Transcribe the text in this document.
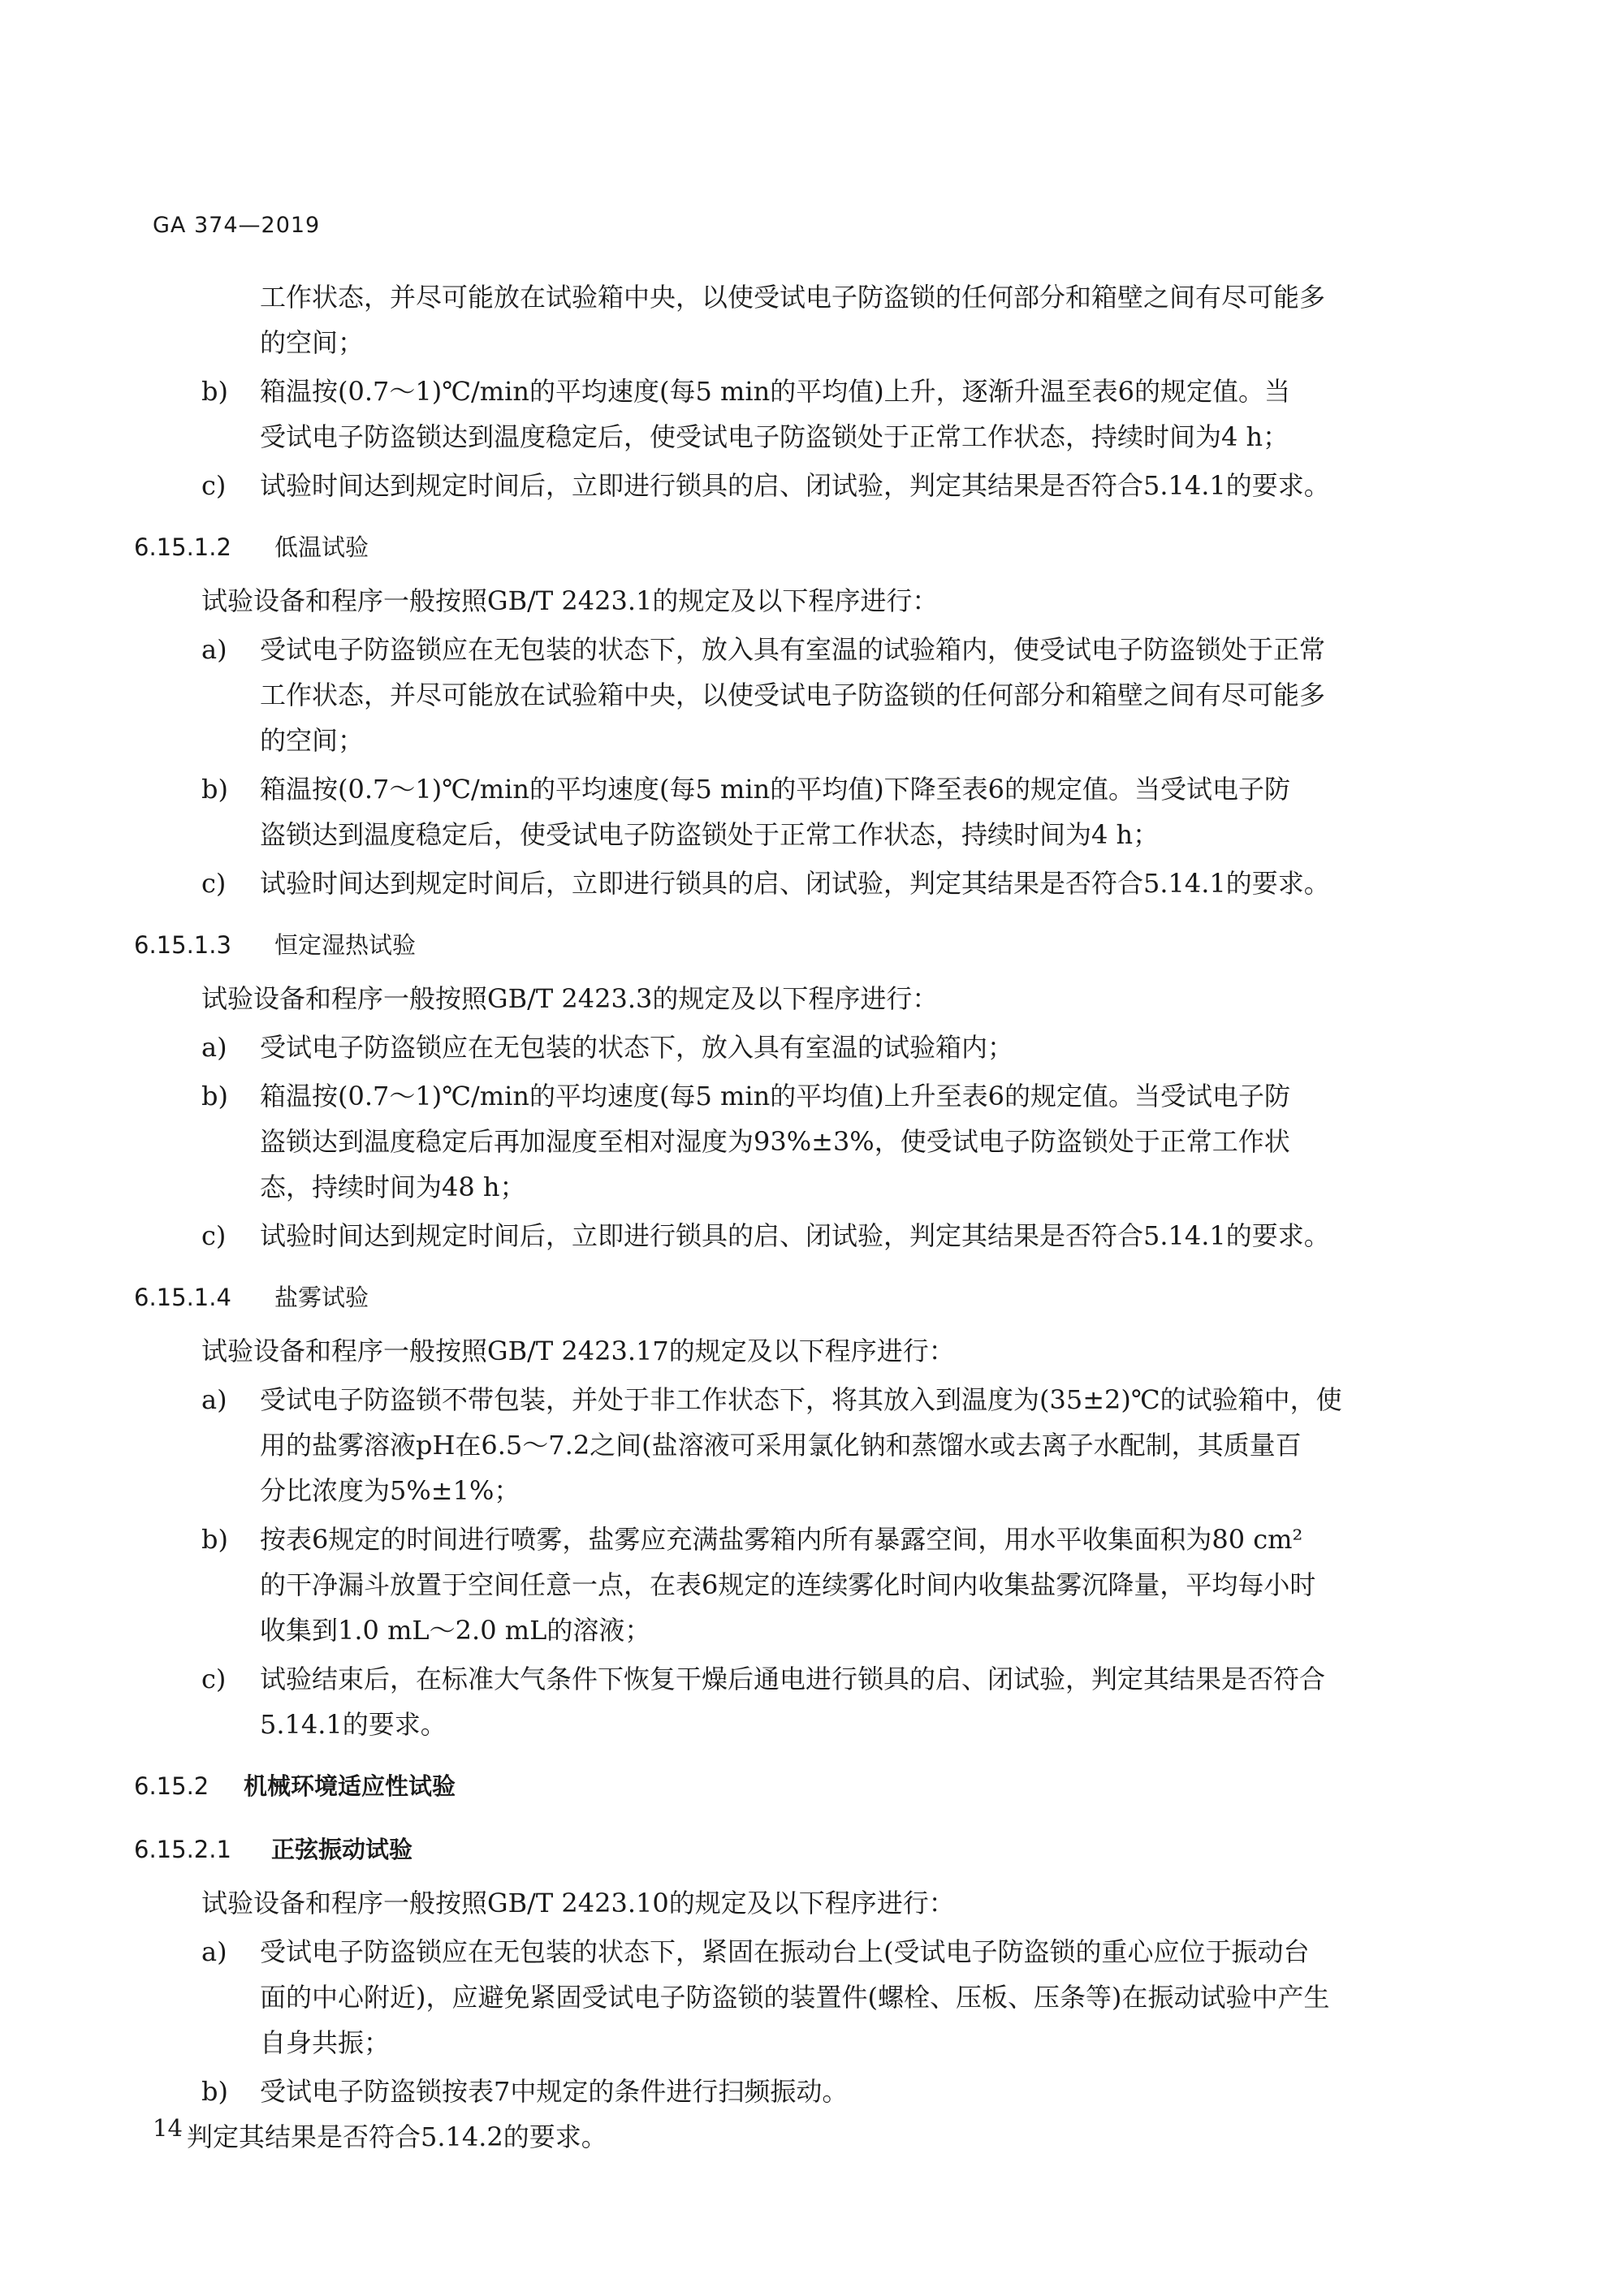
GA 374—2019
工作状态，并尽可能放在试验箱中央，以使受试电子防盗锁的任何部分和箱壁之间有尽可能多
的空间；
b) 箱温按(0.7～1)℃/min的平均速度(每5 min的平均值)上升，逐渐升温至表6的规定值。当
受试电子防盗锁达到温度稳定后，使受试电子防盗锁处于正常工作状态，持续时间为4 h；
c) 试验时间达到规定时间后，立即进行锁具的启、闭试验，判定其结果是否符合5.14.1的要求。
6.15.1.2 低温试验
试验设备和程序一般按照GB/T 2423.1的规定及以下程序进行：
a) 受试电子防盗锁应在无包装的状态下，放入具有室温的试验箱内，使受试电子防盗锁处于正常
工作状态，并尽可能放在试验箱中央，以使受试电子防盗锁的任何部分和箱壁之间有尽可能多
的空间；
b) 箱温按(0.7～1)℃/min的平均速度(每5 min的平均值)下降至表6的规定值。当受试电子防
盗锁达到温度稳定后，使受试电子防盗锁处于正常工作状态，持续时间为4 h；
c) 试验时间达到规定时间后，立即进行锁具的启、闭试验，判定其结果是否符合5.14.1的要求。
6.15.1.3 恒定湿热试验
试验设备和程序一般按照GB/T 2423.3的规定及以下程序进行：
a) 受试电子防盗锁应在无包装的状态下，放入具有室温的试验箱内；
b) 箱温按(0.7～1)℃/min的平均速度(每5 min的平均值)上升至表6的规定值。当受试电子防
盗锁达到温度稳定后再加湿度至相对湿度为93%±3%，使受试电子防盗锁处于正常工作状
态，持续时间为48 h；
c) 试验时间达到规定时间后，立即进行锁具的启、闭试验，判定其结果是否符合5.14.1的要求。
6.15.1.4 盐雾试验
试验设备和程序一般按照GB/T 2423.17的规定及以下程序进行：
a) 受试电子防盗锁不带包装，并处于非工作状态下，将其放入到温度为(35±2)℃的试验箱中，使
用的盐雾溶液pH在6.5～7.2之间(盐溶液可采用氯化钠和蒸馏水或去离子水配制，其质量百
分比浓度为5%±1%；
b) 按表6规定的时间进行喷雾，盐雾应充满盐雾箱内所有暴露空间，用水平收集面积为80 cm²
的干净漏斗放置于空间任意一点，在表6规定的连续雾化时间内收集盐雾沉降量，平均每小时
收集到1.0 mL～2.0 mL的溶液；
c) 试验结束后，在标准大气条件下恢复干燥后通电进行锁具的启、闭试验，判定其结果是否符合
5.14.1的要求。
6.15.2 机械环境适应性试验
6.15.2.1 正弦振动试验
试验设备和程序一般按照GB/T 2423.10的规定及以下程序进行：
a) 受试电子防盗锁应在无包装的状态下，紧固在振动台上(受试电子防盗锁的重心应位于振动台
面的中心附近)，应避免紧固受试电子防盗锁的装置件(螺栓、压板、压条等)在振动试验中产生
自身共振；
b) 受试电子防盗锁按表7中规定的条件进行扫频振动。
判定其结果是否符合5.14.2的要求。
14
